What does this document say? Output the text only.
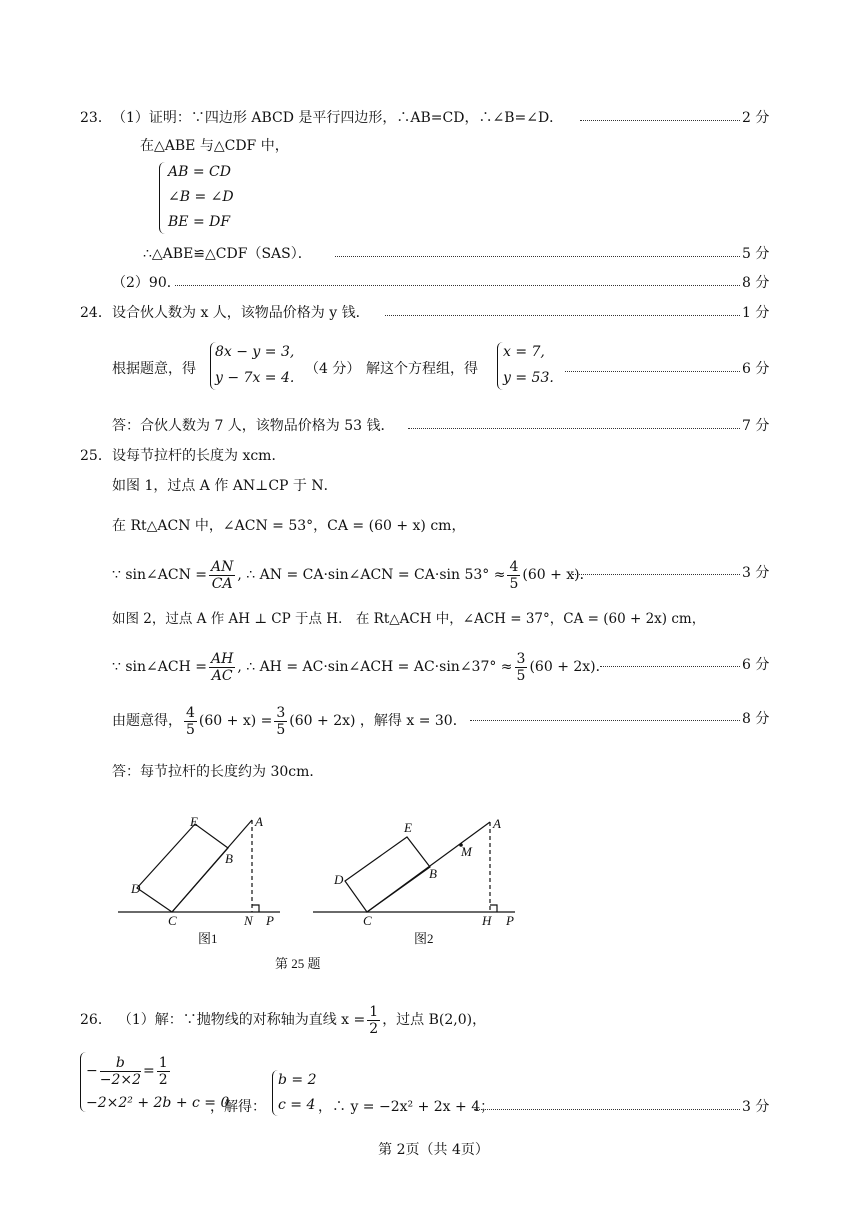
23． （1）证明：∵四边形 ABCD 是平行四边形，∴AB=CD，∴∠B=∠D．	2 分
在△ABE 与△CDF 中，
AB = CD
∠B = ∠D
BE = DF
∴△ABE≌△CDF（SAS）．	5 分
（2）90．	8 分
24． 设合伙人数为 x 人，该物品价格为 y 钱．	1 分
根据题意，得
8x − y = 3,
y − 7x = 4.
（4 分） 解这个方程组，得
x = 7,
y = 53.
6 分
答：合伙人数为 7 人，该物品价格为 53 钱．	7 分
25． 设每节拉杆的长度为 xcm．
如图 1，过点 A 作 AN⊥CP 于 N．
在 Rt△ACN 中，∠ACN = 53°，CA = (60 + x) cm，
∵ sin∠ACN = $\frac{AN}{CA}$ , ∴ AN = CA·sin∠ACN = CA·sin $53^\circ \approx \frac{4}{5} (60 + x)$．	3 分
如图 2，过点 A 作 AH ⊥ CP 于点 H． 在 Rt△ACH 中，∠ACH = 37°，CA = (60 + 2x) cm，
∵ sin∠ACH = $\frac{AH}{AC}$ , ∴ AH = AC·sin∠ACH = AC·sin∠37° ≈ $\frac{3}{5} (60 + 2x)$．	6 分
由题意得， $\frac{4}{5} (60 + x) = \frac{3}{5} (60 + 2x)$ ，解得 x = 30．	8 分
答：每节拉杆的长度约为 30cm．
E	A
B
D
C	N P
图1
E	A
M
D	B
C	H P
图2
第 25 题
26． （1）解：∵抛物线的对称轴为直线 $x = \frac{1}{2}$ ，过点 B(2,0)，
− $\frac{b}{-2\times 2} = \frac{1}{2}$
−2×2² + 2b + c = 0
，解得：
b = 2
c = 4 ，∴ y = −2x² + 2x + 4；	3 分
第 2页（共 4页）
